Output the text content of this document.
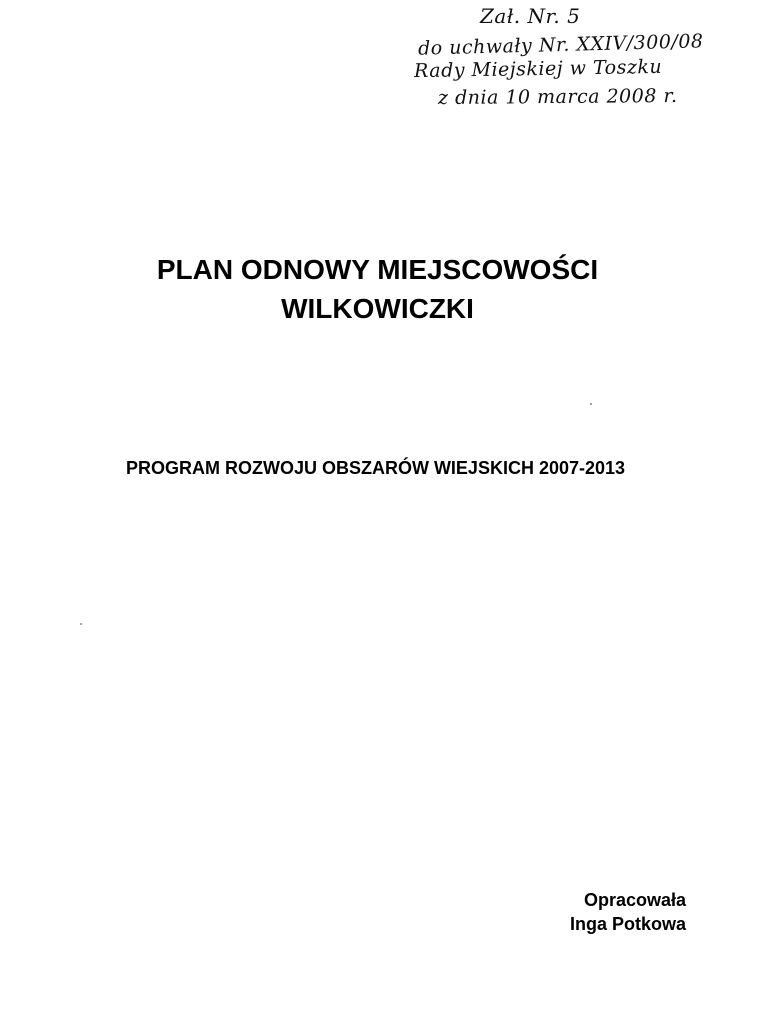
Zał. Nr. 5
do uchwały Nr. XXIV/300/08
Rady Miejskiej w Toszku
z dnia 10 marca 2008 r.
PLAN ODNOWY MIEJSCOWOŚCI
WILKOWICZKI
PROGRAM ROZWOJU OBSZARÓW WIEJSKICH 2007-2013
Opracowała
Inga Potkowa
